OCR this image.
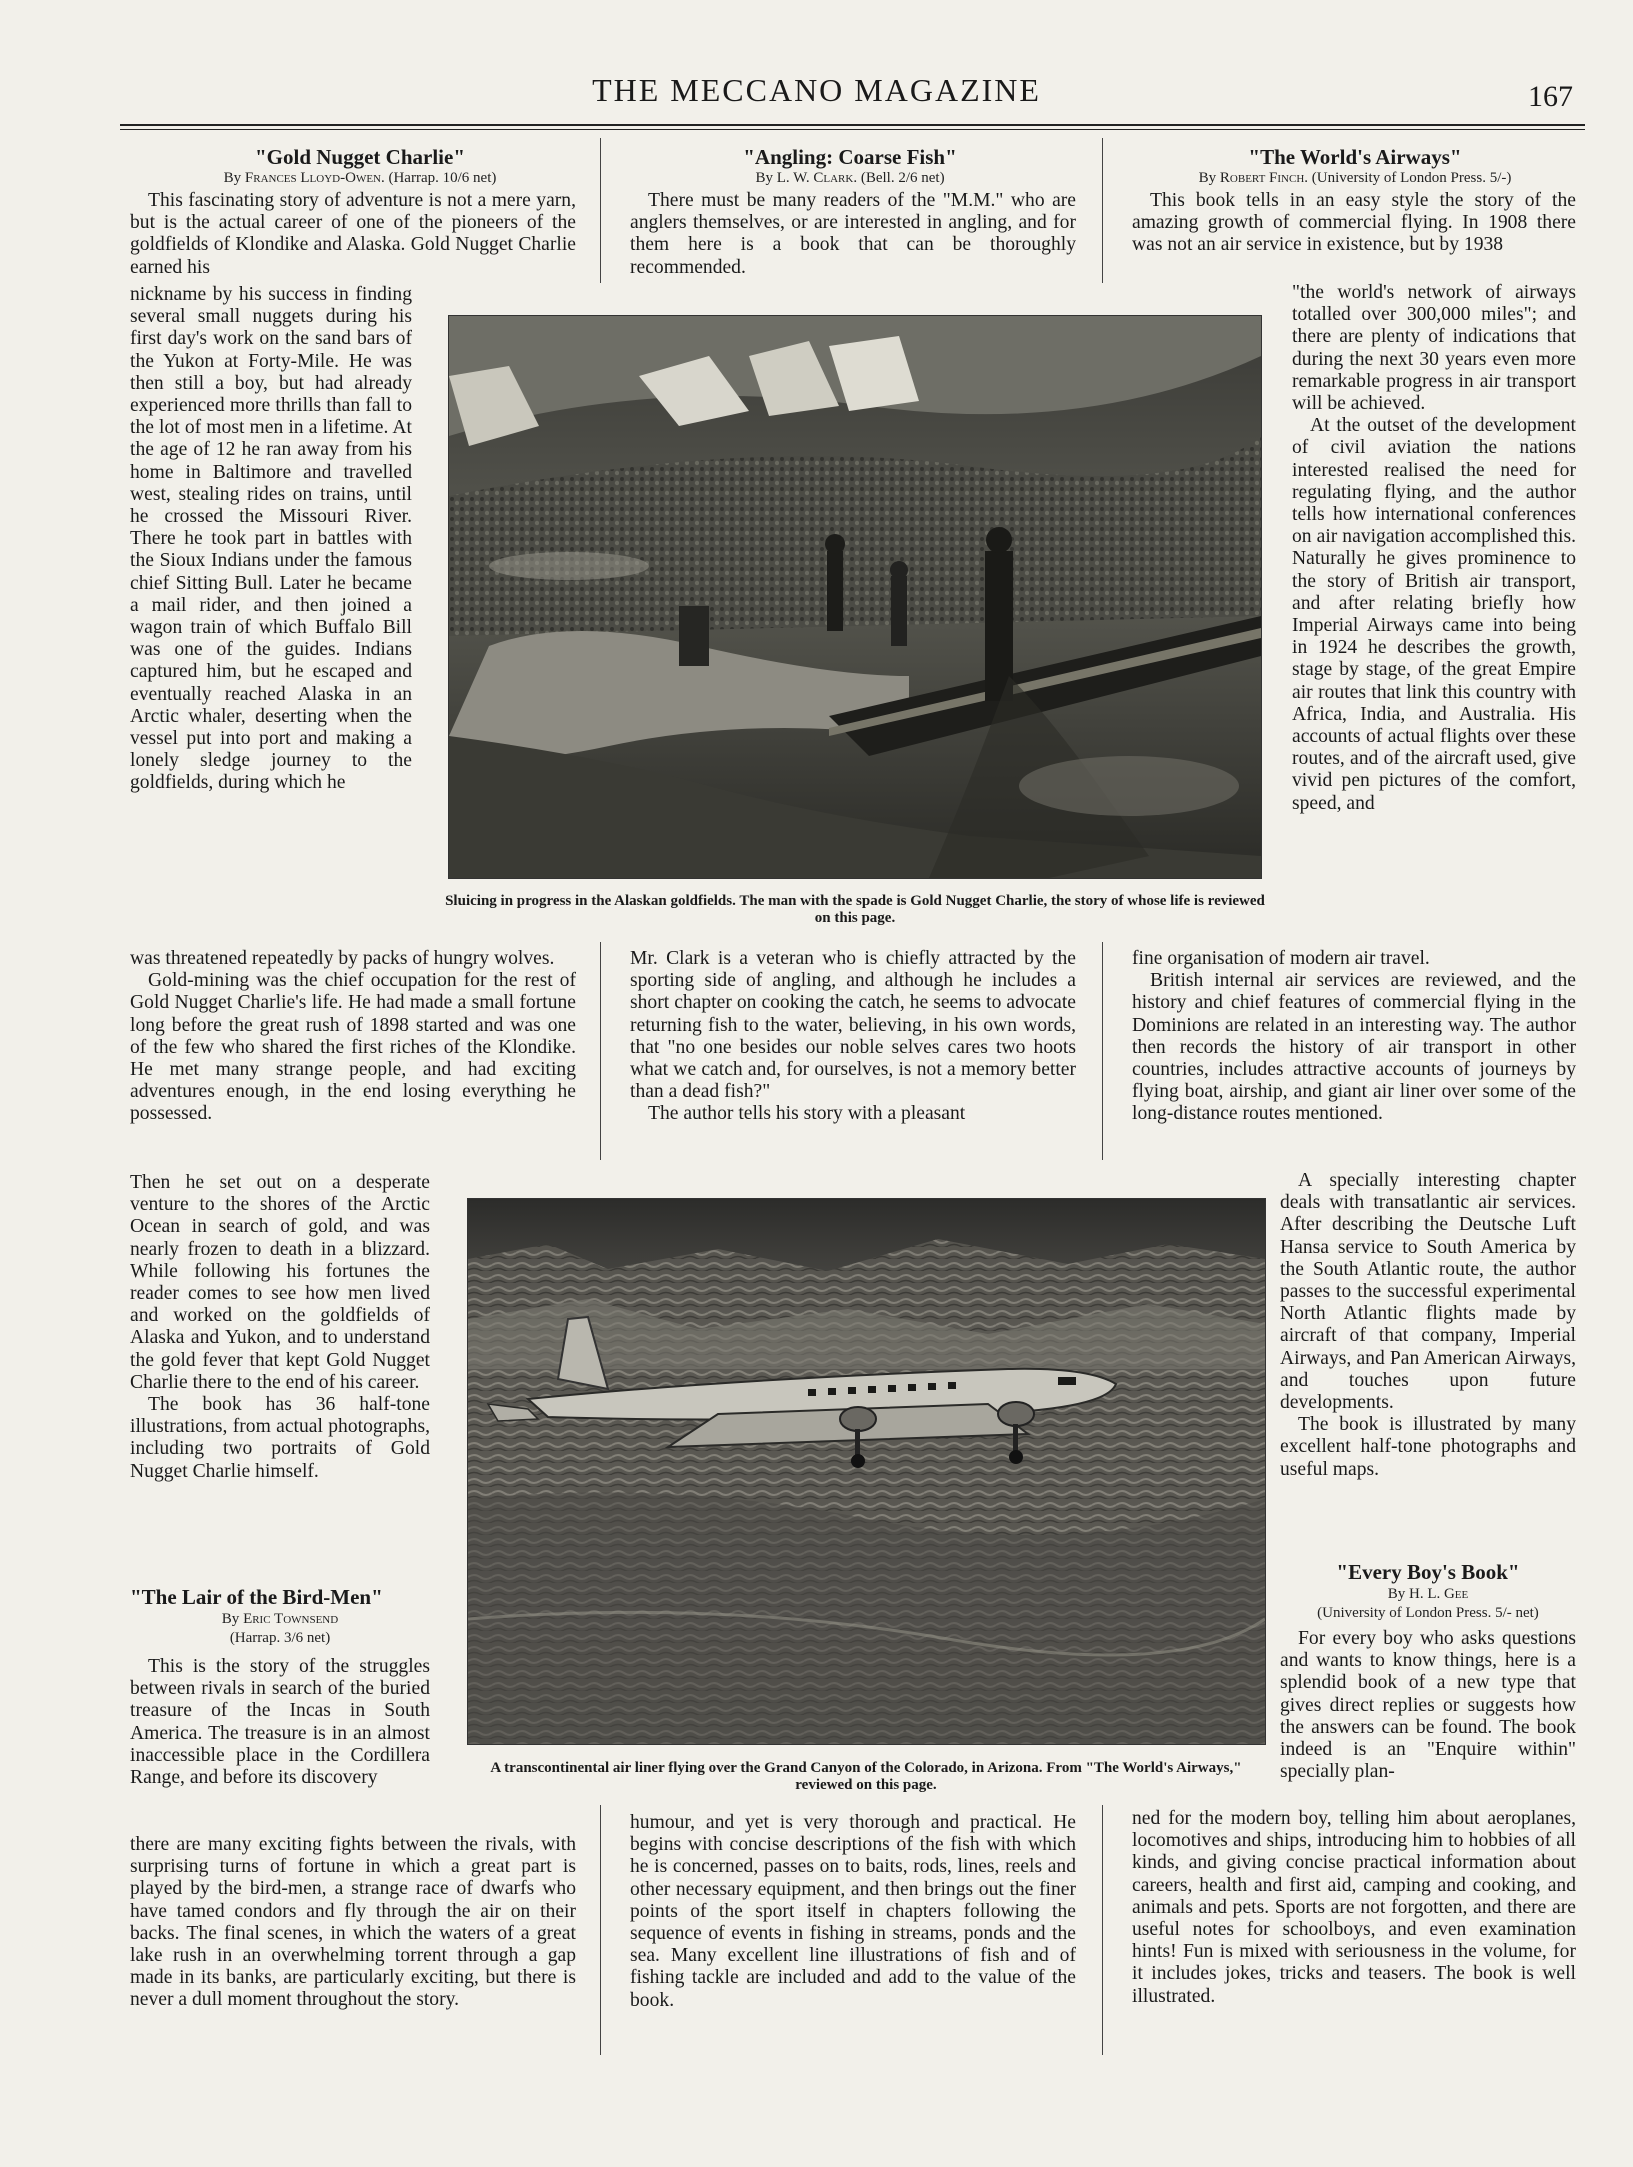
THE MECCANO MAGAZINE	167
"Gold Nugget Charlie"
By Frances Lloyd-Owen. (Harrap. 10/6 net)

This fascinating story of adventure is not a mere yarn, but is the actual career of one of the pioneers of the goldfields of Klondike and Alaska. Gold Nugget Charlie earned his

nickname by his success in finding several small nuggets during his first day's work on the sand bars of the Yukon at Forty-Mile. He was then still a boy, but had already experienced more thrills than fall to the lot of most men in a lifetime. At the age of 12 he ran away from his home in Baltimore and travelled west, stealing rides on trains, until he crossed the Missouri River. There he took part in battles with the Sioux Indians under the famous chief Sitting Bull. Later he became a mail rider, and then joined a wagon train of which Buffalo Bill was one of the guides. Indians captured him, but he escaped and eventually reached Alaska in an Arctic whaler, deserting when the vessel put into port and making a lonely sledge journey to the goldfields, during which he

was threatened repeatedly by packs of hungry wolves.

Gold-mining was the chief occupation for the rest of Gold Nugget Charlie's life. He had made a small fortune long before the great rush of 1898 started and was one of the few who shared the first riches of the Klondike. He met many strange people, and had exciting adventures enough, in the end losing everything he possessed.

Then he set out on a desperate venture to the shores of the Arctic Ocean in search of gold, and was nearly frozen to death in a blizzard. While following his fortunes the reader comes to see how men lived and worked on the goldfields of Alaska and Yukon, and to understand the gold fever that kept Gold Nugget Charlie there to the end of his career.

The book has 36 half-tone illustrations, from actual photographs, including two portraits of Gold Nugget Charlie himself.

"The Lair of the Bird-Men"
By Eric Townsend
(Harrap. 3/6 net)

This is the story of the struggles between rivals in search of the buried treasure of the Incas in South America. The treasure is in an almost inaccessible place in the Cordillera Range, and before its discovery

there are many exciting fights between the rivals, with surprising turns of fortune in which a great part is played by the bird-men, a strange race of dwarfs who have tamed condors and fly through the air on their backs. The final scenes, in which the waters of a great lake rush in an overwhelming torrent through a gap made in its banks, are particularly exciting, but there is never a dull moment throughout the story.

"Angling: Coarse Fish"
By L. W. Clark. (Bell. 2/6 net)

There must be many readers of the "M.M." who are anglers themselves, or are interested in angling, and for them here is a book that can be thoroughly recommended.

Mr. Clark is a veteran who is chiefly attracted by the sporting side of angling, and although he includes a short chapter on cooking the catch, he seems to advocate returning fish to the water, believing, in his own words, that "no one besides our noble selves cares two hoots what we catch and, for ourselves, is not a memory better than a dead fish?"

The author tells his story with a pleasant

humour, and yet is very thorough and practical. He begins with concise descriptions of the fish with which he is concerned, passes on to baits, rods, lines, reels and other necessary equipment, and then brings out the finer points of the sport itself in chapters following the sequence of events in fishing in streams, ponds and the sea. Many excellent line illustrations of fish and of fishing tackle are included and add to the value of the book.

"The World's Airways"
By Robert Finch. (University of London Press. 5/-)

This book tells in an easy style the story of the amazing growth of commercial flying. In 1908 there was not an air service in existence, but by 1938

"the world's network of airways totalled over 300,000 miles"; and there are plenty of indications that during the next 30 years even more remarkable progress in air transport will be achieved.

At the outset of the development of civil aviation the nations interested realised the need for regulating flying, and the author tells how international conferences on air navigation accomplished this. Naturally he gives prominence to the story of British air transport, and after relating briefly how Imperial Airways came into being in 1924 he describes the growth, stage by stage, of the great Empire air routes that link this country with Africa, India, and Australia. His accounts of actual flights over these routes, and of the aircraft used, give vivid pen pictures of the comfort, speed, and

fine organisation of modern air travel.

British internal air services are reviewed, and the history and chief features of commercial flying in the Dominions are related in an interesting way. The author then records the history of air transport in other countries, includes attractive accounts of journeys by flying boat, airship, and giant air liner over some of the long-distance routes mentioned.

A specially interesting chapter deals with transatlantic air services. After describing the Deutsche Luft Hansa service to South America by the South Atlantic route, the author passes to the successful experimental North Atlantic flights made by aircraft of that company, Imperial Airways, and Pan American Airways, and touches upon future developments.

The book is illustrated by many excellent half-tone photographs and useful maps.

"Every Boy's Book"
By H. L. Gee
(University of London Press. 5/- net)

For every boy who asks questions and wants to know things, here is a splendid book of a new type that gives direct replies or suggests how the answers can be found. The book indeed is an "Enquire within" specially plan-

ned for the modern boy, telling him about aeroplanes, locomotives and ships, introducing him to hobbies of all kinds, and giving concise practical information about careers, health and first aid, camping and cooking, and animals and pets. Sports are not forgotten, and there are useful notes for schoolboys, and even examination hints! Fun is mixed with seriousness in the volume, for it includes jokes, tricks and teasers. The book is well illustrated.

Sluicing in progress in the Alaskan goldfields. The man with the spade is Gold Nugget Charlie, the story of whose life is reviewed on this page.
A transcontinental air liner flying over the Grand Canyon of the Colorado, in Arizona. From "The World's Airways," reviewed on this page.
